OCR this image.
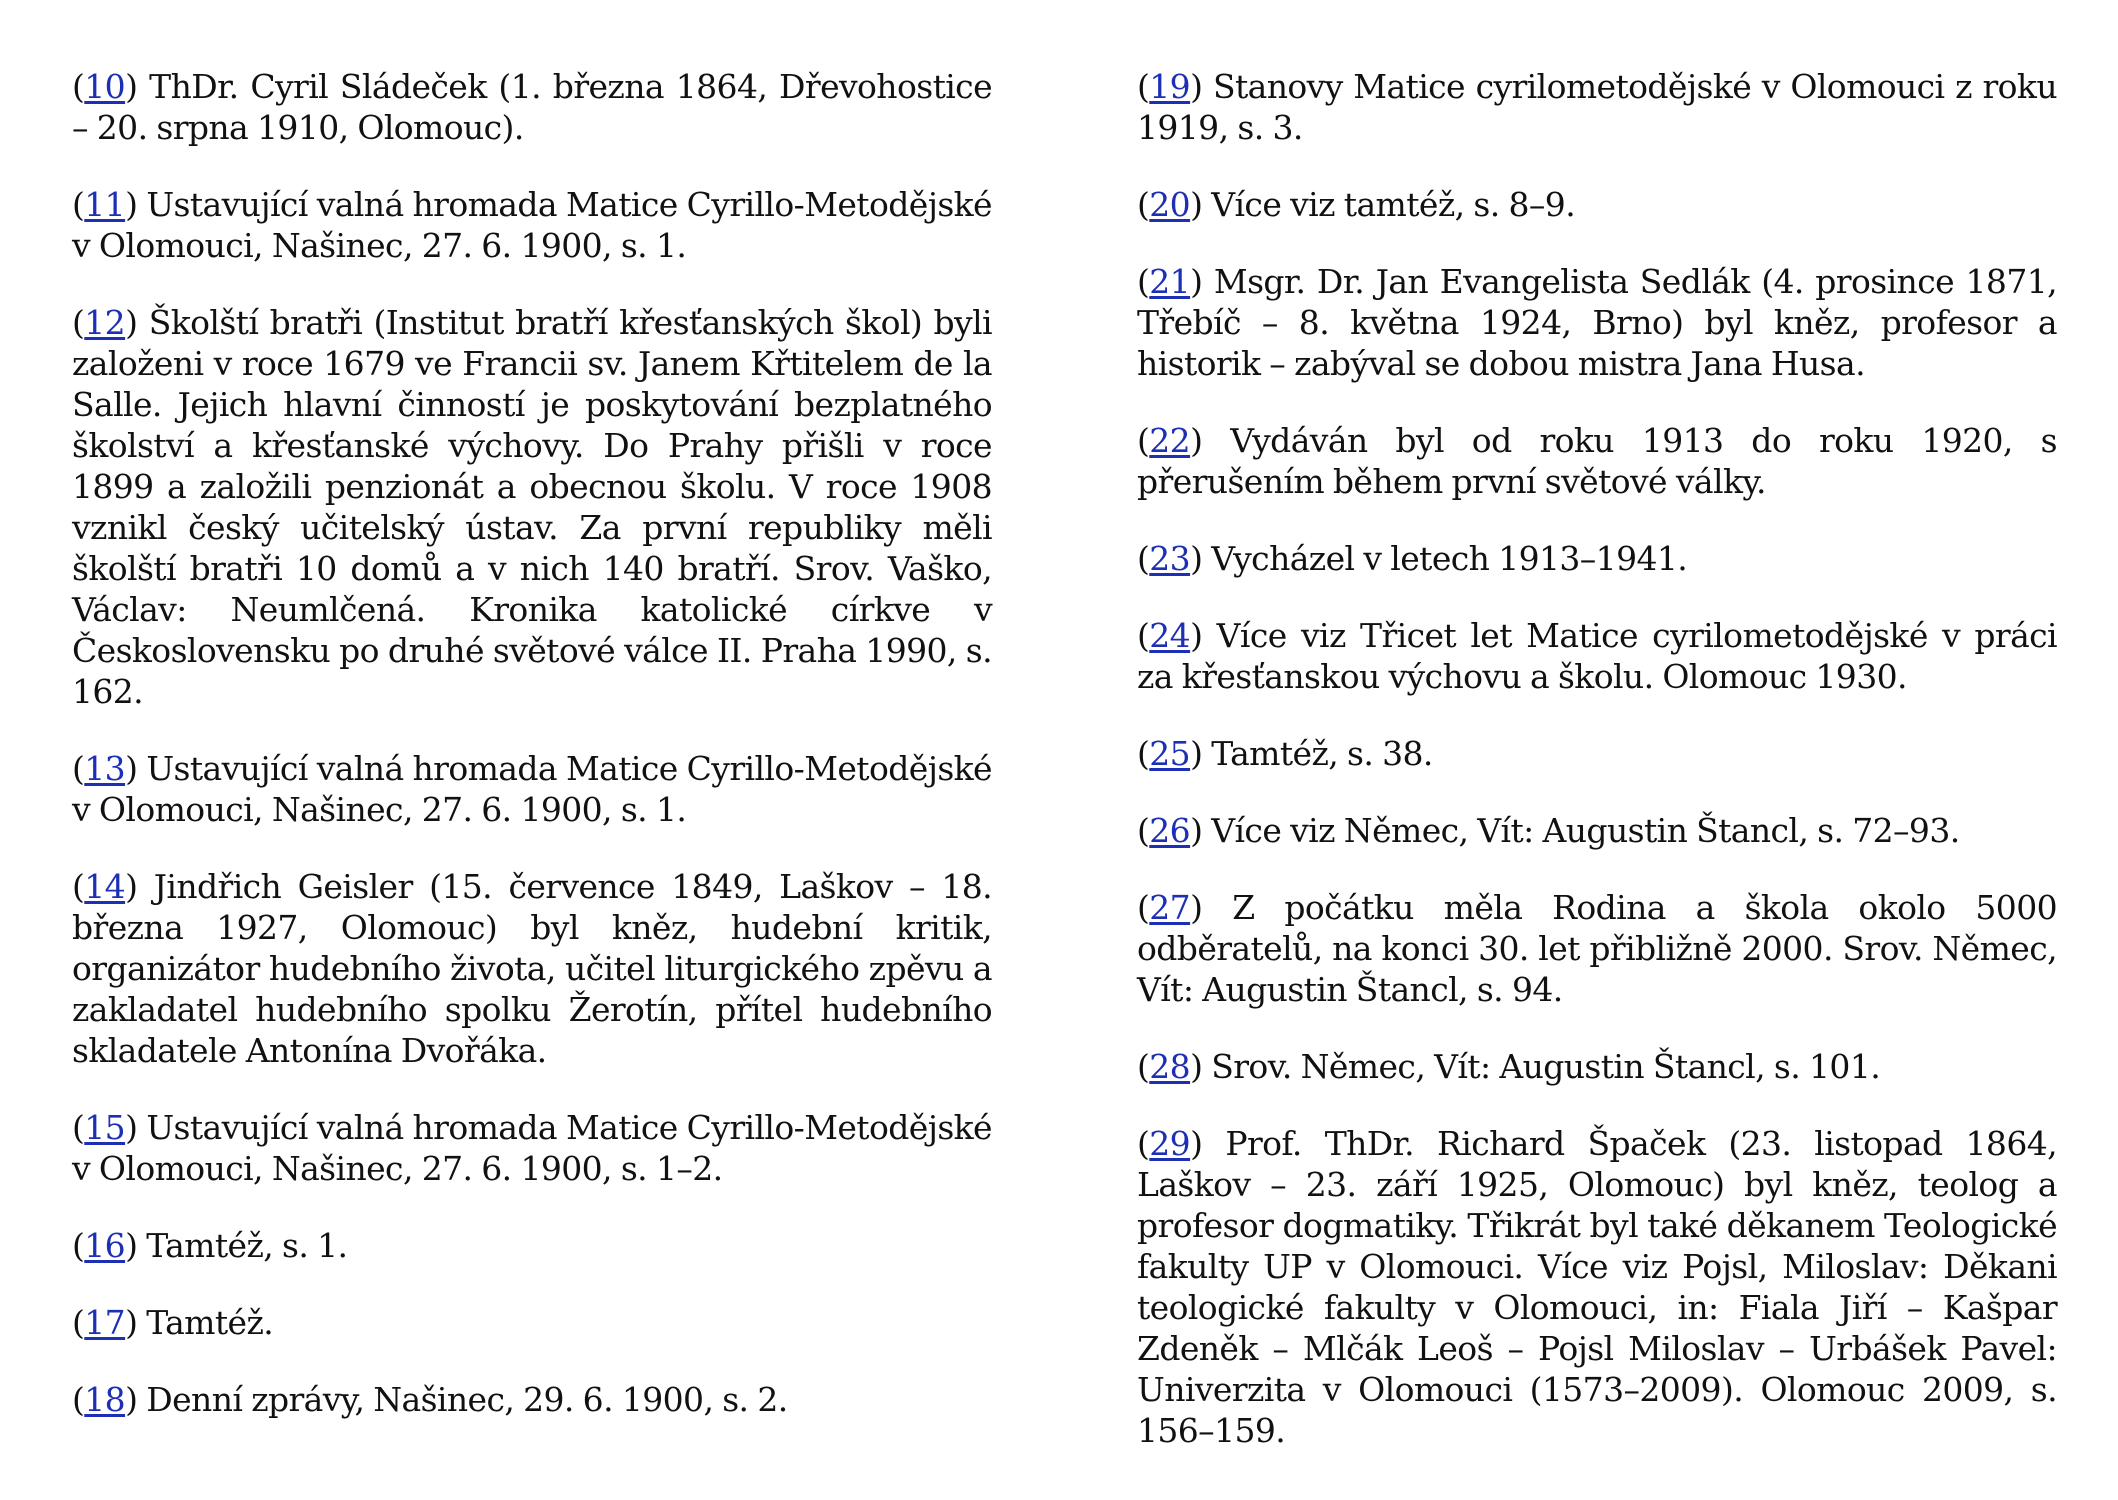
(10) ThDr. Cyril Sládeček (1. března 1864, Dřevohostice – 20. srpna 1910, Olomouc).

(11) Ustavující valná hromada Matice Cyrillo-Metodějské v Olomouci, Našinec, 27. 6. 1900, s. 1.

(12) Školští bratři (Institut bratří křesťanských škol) byli založeni v roce 1679 ve Francii sv. Janem Křtitelem de la Salle. Jejich hlavní činností je poskytování bezplatného školství a křesťanské výchovy. Do Prahy přišli v roce 1899 a založili penzionát a obecnou školu. V roce 1908 vznikl český učitelský ústav. Za první republiky měli školští bratři 10 domů a v nich 140 bratří. Srov. Vaško, Václav: Neumlčená. Kronika katolické církve v Československu po druhé světové válce II. Praha 1990, s. 162.

(13) Ustavující valná hromada Matice Cyrillo-Metodějské v Olomouci, Našinec, 27. 6. 1900, s. 1.

(14) Jindřich Geisler (15. července 1849, Laškov – 18. března 1927, Olomouc) byl kněz, hudební kritik, organizátor hudebního života, učitel liturgického zpěvu a zakladatel hudebního spolku Žerotín, přítel hudebního skladatele Antonína Dvořáka.

(15) Ustavující valná hromada Matice Cyrillo-Metodějské v Olomouci, Našinec, 27. 6. 1900, s. 1–2.

(16) Tamtéž, s. 1.

(17) Tamtéž.

(18) Denní zprávy, Našinec, 29. 6. 1900, s. 2.

(19) Stanovy Matice cyrilometodějské v Olomouci z roku 1919, s. 3.

(20) Více viz tamtéž, s. 8–9.

(21) Msgr. Dr. Jan Evangelista Sedlák (4. prosince 1871, Třebíč – 8. května 1924, Brno) byl kněz, profesor a historik – zabýval se dobou mistra Jana Husa.

(22) Vydáván byl od roku 1913 do roku 1920, s přerušením během první světové války.

(23) Vycházel v letech 1913–1941.

(24) Více viz Třicet let Matice cyrilometodějské v práci za křesťanskou výchovu a školu. Olomouc 1930.

(25) Tamtéž, s. 38.

(26) Více viz Němec, Vít: Augustin Štancl, s. 72–93.

(27) Z počátku měla Rodina a škola okolo 5000 odběratelů, na konci 30. let přibližně 2000. Srov. Němec, Vít: Augustin Štancl, s. 94.

(28) Srov. Němec, Vít: Augustin Štancl, s. 101.

(29) Prof. ThDr. Richard Špaček (23. listopad 1864, Laškov – 23. září 1925, Olomouc) byl kněz, teolog a profesor dogmatiky. Třikrát byl také děkanem Teologické fakulty UP v Olomouci. Více viz Pojsl, Miloslav: Děkani teologické fakulty v Olomouci, in: Fiala Jiří – Kašpar Zdeněk – Mlčák Leoš – Pojsl Miloslav – Urbášek Pavel: Univerzita v Olomouci (1573–2009). Olomouc 2009, s. 156–159.
